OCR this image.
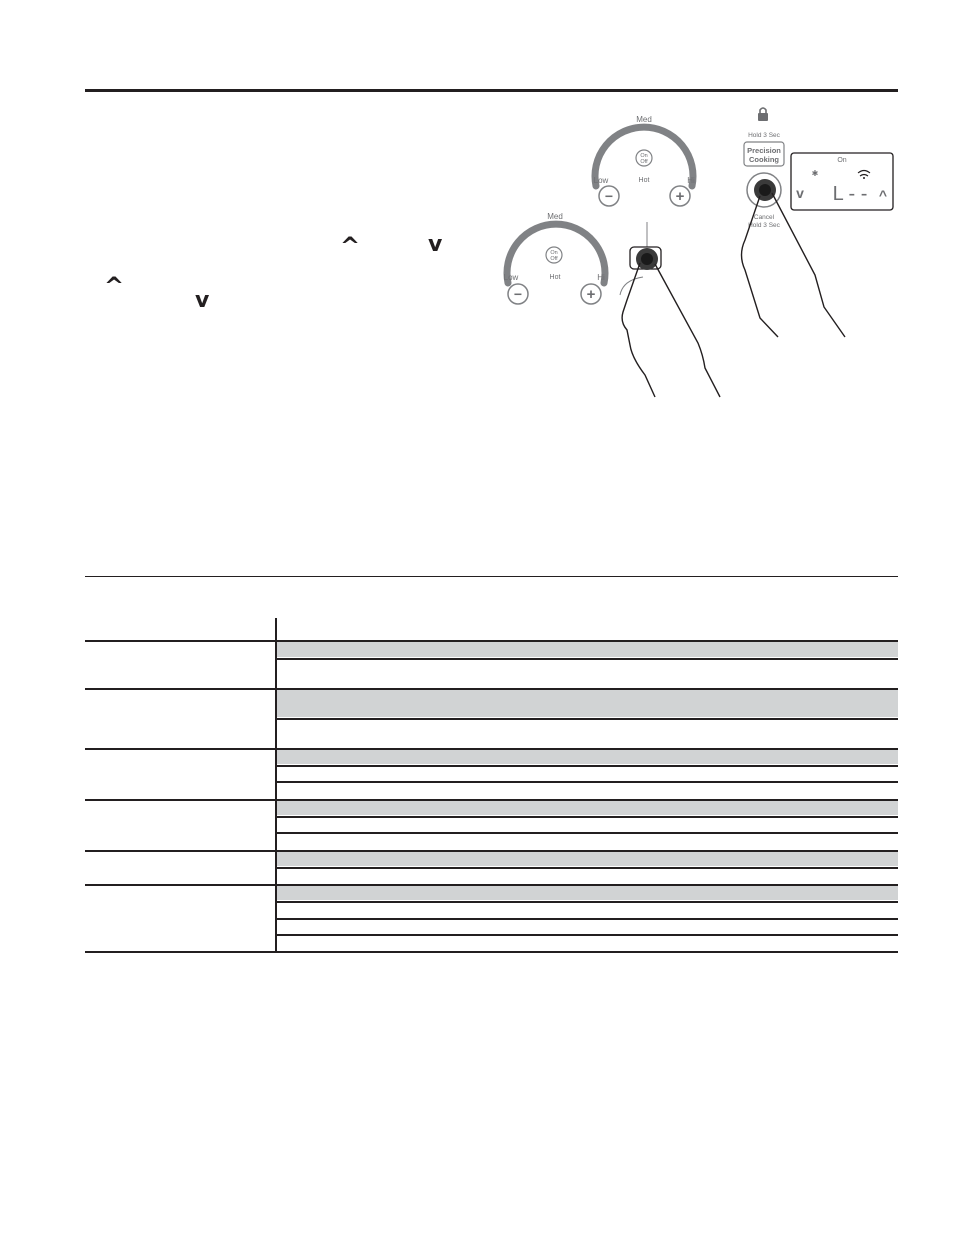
^	v
^
v
Med
Low	Hi
Hot
On
Off
−	+
Med
Low	Hi
Hot
On
Off
−	+
Hold 3 Sec
Precision
Cooking
Cancel
Hold 3 Sec
On
✱
v L - - ^
